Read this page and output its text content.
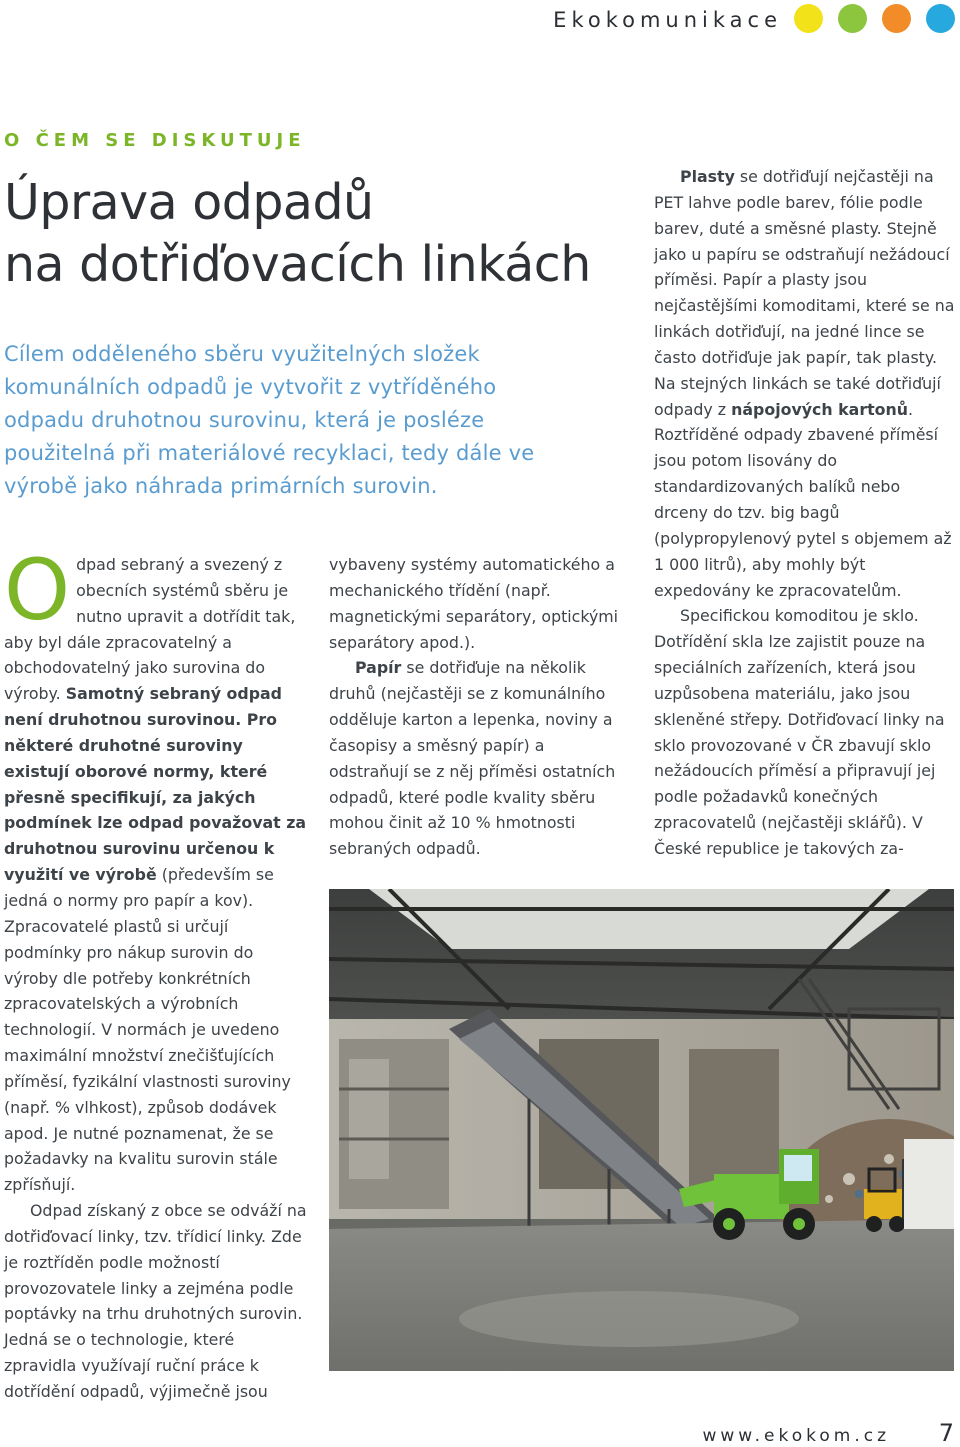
Ekokomunikace
O ČEM SE DISKUTUJE
Úprava odpadů
na dotřiďovacích linkách
Cílem odděleného sběru využitelných složek komunálních odpadů je vytvořit z vytříděného odpadu druhotnou surovinu, která je posléze použitelná při materiálové recyklaci, tedy dále ve výrobě jako náhrada primárních surovin.

Odpad sebraný a svezený z obecních systémů sběru je nutno upravit a dotřídit tak, aby byl dále zpracovatelný a obchodovatelný jako surovina do výroby. Samotný sebraný odpad není druhotnou surovinou. Pro některé druhotné suroviny existují oborové normy, které přesně specifikují, za jakých podmínek lze odpad považovat za druhotnou surovinu určenou k využití ve výrobě (především se jedná o normy pro papír a kov). Zpracovatelé plastů si určují podmínky pro nákup surovin do výroby dle potřeby konkrétních zpracovatelských a výrobních technologií. V normách je uvedeno maximální množství znečišťujících příměsí, fyzikální vlastnosti suroviny (např. % vlhkost), způsob dodávek apod. Je nutné poznamenat, že se požadavky na kvalitu surovin stále zpřísňují.

Odpad získaný z obce se odváží na dotřiďovací linky, tzv. třídicí linky. Zde je roztříděn podle možností provozovatele linky a zejména podle poptávky na trhu druhotných surovin. Jedná se o technologie, které zpravidla využívají ruční práce k dotřídění odpadů, výjimečně jsou

vybaveny systémy automatického a mechanického třídění (např. magnetickými separátory, optickými separátory apod.).

Papír se dotřiďuje na několik druhů (nejčastěji se z komunálního odděluje karton a lepenka, noviny a časopisy a směsný papír) a odstraňují se z něj příměsi ostatních odpadů, které podle kvality sběru mohou činit až 10 % hmotnosti sebraných odpadů.

Plasty se dotřiďují nejčastěji na PET lahve podle barev, fólie podle barev, duté a směsné plasty. Stejně jako u papíru se odstraňují nežádoucí příměsi. Papír a plasty jsou nejčastějšími komoditami, které se na linkách dotřiďují, na jedné lince se často dotřiďuje jak papír, tak plasty. Na stejných linkách se také dotřiďují odpady z nápojových kartonů. Roztříděné odpady zbavené příměsí jsou potom lisovány do standardizovaných balíků nebo drceny do tzv. big bagů (polypropylenový pytel s objemem až 1 000 litrů), aby mohly být expedovány ke zpracovatelům.

Specifickou komoditou je sklo. Dotřídění skla lze zajistit pouze na speciálních zařízeních, která jsou uzpůsobena materiálu, jako jsou skleněné střepy. Dotřiďovací linky na sklo provozované v ČR zbavují sklo nežádoucích příměsí a připravují jej podle požadavků konečných zpracovatelů (nejčastěji sklářů). V České republice je takových za-

www.ekokom.cz 7
